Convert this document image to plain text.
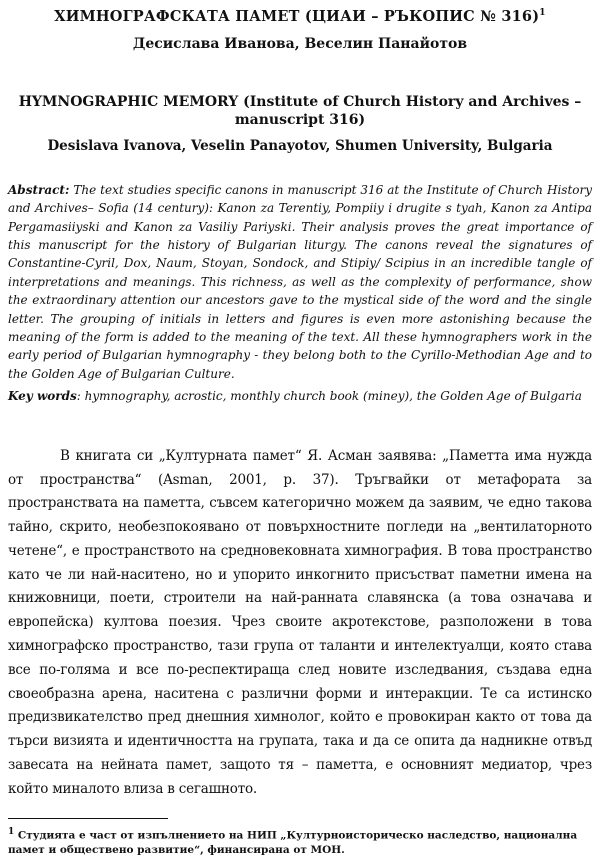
ХИМНОГРАФСКАТА ПАМЕТ (ЦИАИ – РЪКОПИС № 316)$^1$
Десислава Иванова, Веселин Панайотов
HYMNOGRAPHIC MEMORY (Institute of Church History and Archives – manuscript 316)
Desislava Ivanova, Veselin Panayotov, Shumen University, Bulgaria
Abstract: The text studies specific canons in manuscript 316 at the Institute of Church History and Archives– Sofia (14 century): Kanon za Terentiy, Pompiiy i drugite s tyah, Kanon za Antipa Pergamasiiyski and Kanon za Vasiliy Pariyski. Their analysis proves the great importance of this manuscript for the history of Bulgarian liturgy. The canons reveal the signatures of Constantine-Cyril, Dox, Naum, Stoyan, Sondock, and Stipiy/ Scipius in an incredible tangle of interpretations and meanings. This richness, as well as the complexity of performance, show the extraordinary attention our ancestors gave to the mystical side of the word and the single letter. The grouping of initials in letters and figures is even more astonishing because the meaning of the form is added to the meaning of the text. All these hymnographers work in the early period of Bulgarian hymnography - they belong both to the Cyrillo-Methodian Age and to the Golden Age of Bulgarian Culture.
Key words: hymnography, acrostic, monthly church book (miney), the Golden Age of Bulgaria
В книгата си „Културната памет“ Я. Асман заявява: „Паметта има нужда от пространства“ (Asman, 2001, p. 37). Тръгвайки от метафората за пространствата на паметта, съвсем категорично можем да заявим, че едно такова тайно, скрито, необезпокоявано от повърхностните погледи на „вентилаторното четене“, е пространството на средновековната химнография. В това пространство като че ли най-наситено, но и упорито инкогнито присъстват паметни имена на книжовници, поети, строители на най-ранната славянска (а това означава и европейска) култова поезия. Чрез своите акротекстове, разположени в това химнографско пространство, тази група от таланти и интелектуалци, която става все по-голяма и все по-респектираща след новите изследвания, създава една своеобразна арена, наситена с различни форми и интеракции. Те са истинско предизвикателство пред днешния химнолог, който е провокиран както от това да търси визията и идентичността на групата, така и да се опита да надникне отвъд завесата на нейната памет, защото тя – паметта, е основният медиатор, чрез който миналото влиза в сегашното.
$^1$ Студията е част от изпълнението на НИП „Културноисторическо наследство, национална памет и обществено развитие“, финансирана от МОН.
